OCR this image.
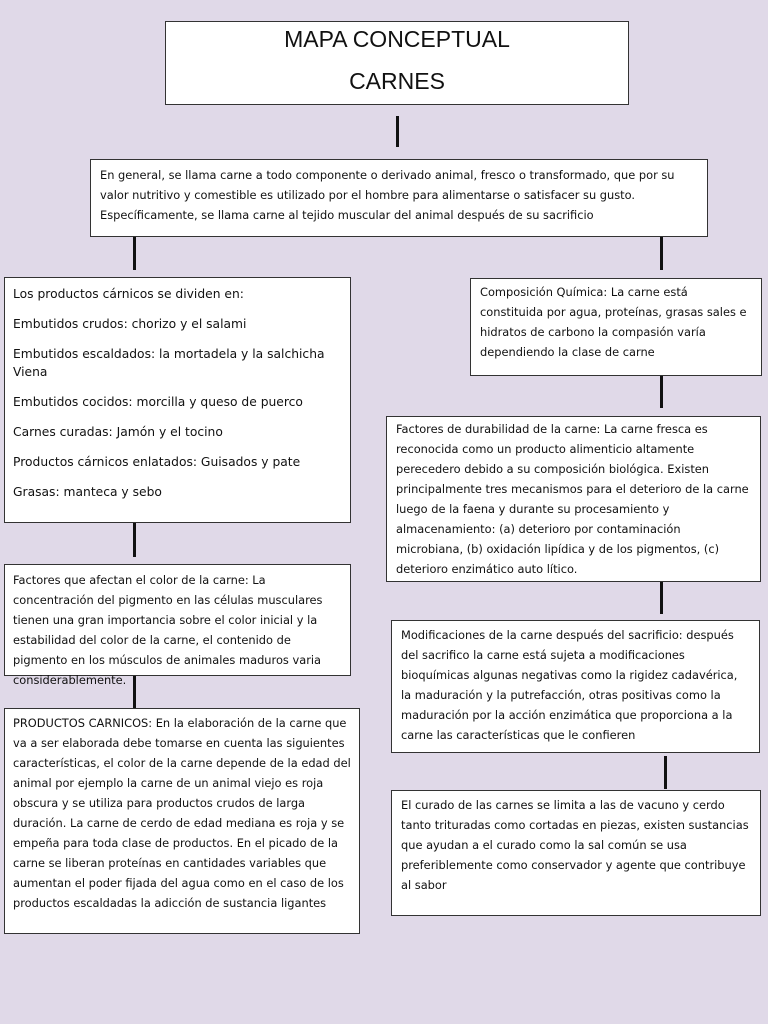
MAPA CONCEPTUAL
CARNES

En general, se llama carne a todo componente o derivado animal, fresco o transformado, que por su valor nutritivo y comestible es utilizado por el hombre para alimentarse o satisfacer su gusto. Específicamente, se llama carne al tejido muscular del animal después de su sacrificio

Los productos cárnicos se dividen en:
Embutidos crudos: chorizo y el salami
Embutidos escaldados: la mortadela y la salchicha Viena
Embutidos cocidos: morcilla y queso de puerco
Carnes curadas: Jamón y el tocino
Productos cárnicos enlatados: Guisados y pate
Grasas: manteca y sebo

Composición Química: La carne está constituida por agua, proteínas, grasas sales e hidratos de carbono la compasión varía dependiendo la clase de carne

Factores de durabilidad de la carne: La carne fresca es reconocida como un producto alimenticio altamente perecedero debido a su composición biológica. Existen principalmente tres mecanismos para el deterioro de la carne luego de la faena y durante su procesamiento y almacenamiento: (a) deterioro por contaminación microbiana, (b) oxidación lipídica y de los pigmentos, (c) deterioro enzimático auto lítico.

Factores que afectan el color de la carne: La concentración del pigmento en las células musculares tienen una gran importancia sobre el color inicial y la estabilidad del color de la carne, el contenido de pigmento en los músculos de animales maduros varia considerablemente.

Modificaciones de la carne después del sacrificio: después del sacrifico la carne está sujeta a modificaciones bioquímicas algunas negativas como la rigidez cadavérica, la maduración y la putrefacción, otras positivas como la maduración por la acción enzimática que proporciona a la carne las características que le confieren

PRODUCTOS CARNICOS: En la elaboración de la carne que va a ser elaborada debe tomarse en cuenta las siguientes características, el color de la carne depende de la edad del animal por ejemplo la carne de un animal viejo es roja obscura y se utiliza para productos crudos de larga duración. La carne de cerdo de edad mediana es roja y se empeña para toda clase de productos. En el picado de la carne se liberan proteínas en cantidades variables que aumentan el poder fijada del agua como en el caso de los productos escaldadas la adicción de sustancia ligantes

El curado de las carnes se limita a las de vacuno y cerdo tanto trituradas como cortadas en piezas, existen sustancias que ayudan a el curado como la sal común se usa preferiblemente como conservador y agente que contribuye al sabor
